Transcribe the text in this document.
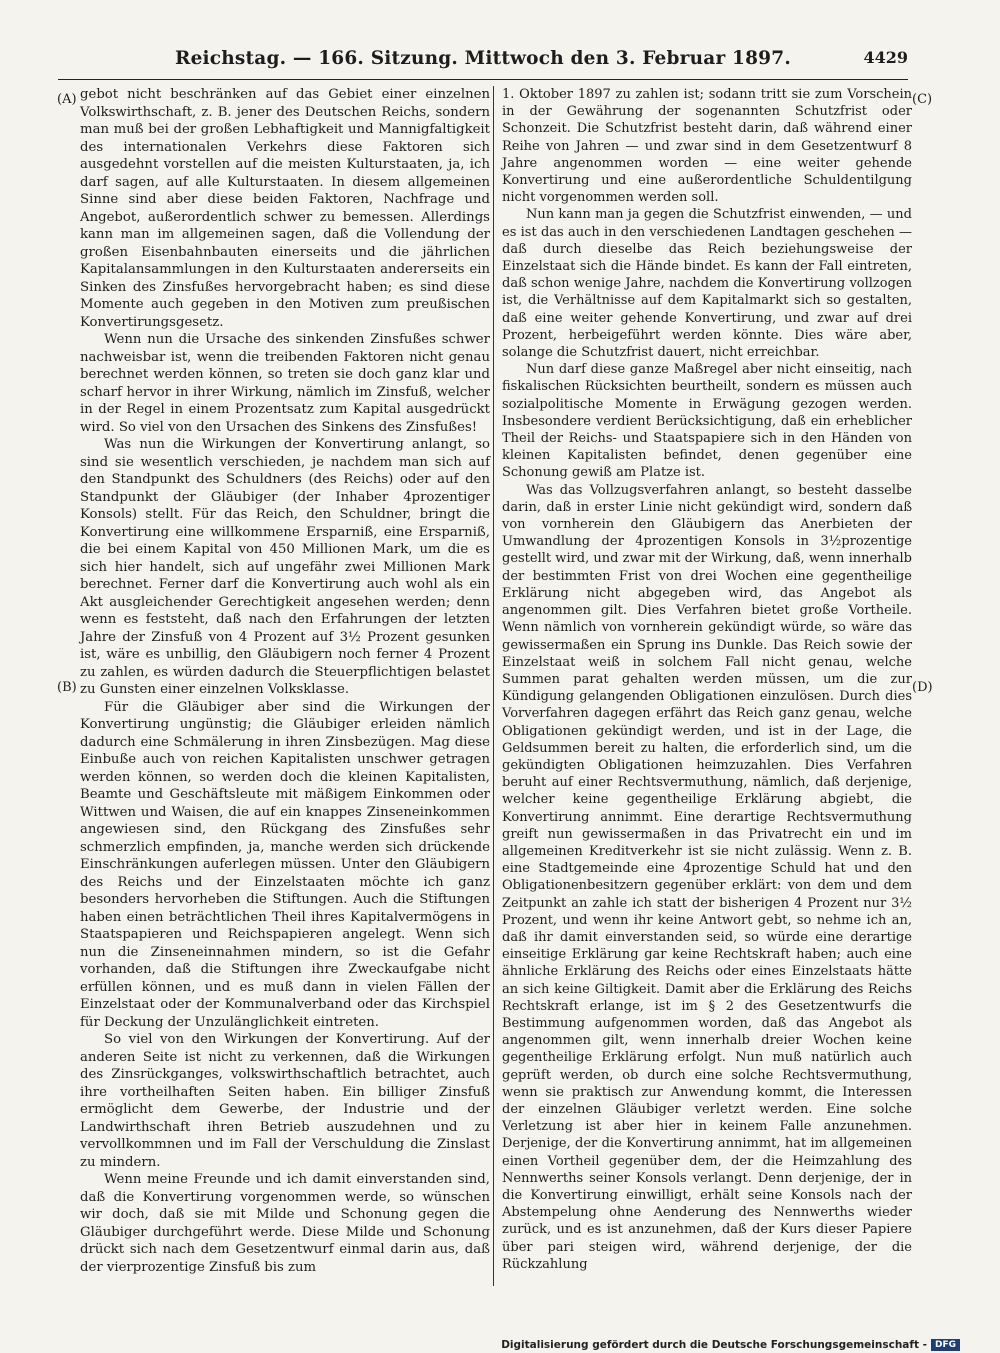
Reichstag. — 166. Sitzung. Mittwoch den 3. Februar 1897.	4429
(A)
(B)
(C)
(D)

gebot nicht beschränken auf das Gebiet einer einzelnen Volkswirthschaft, z. B. jener des Deutschen Reichs, sondern man muß bei der großen Lebhaftigkeit und Mannigfaltigkeit des internationalen Verkehrs diese Faktoren sich ausgedehnt vorstellen auf die meisten Kulturstaaten, ja, ich darf sagen, auf alle Kulturstaaten. In diesem allgemeinen Sinne sind aber diese beiden Faktoren, Nachfrage und Angebot, außerordentlich schwer zu bemessen. Allerdings kann man im allgemeinen sagen, daß die Vollendung der großen Eisenbahnbauten einerseits und die jährlichen Kapitalansammlungen in den Kulturstaaten andererseits ein Sinken des Zinsfußes hervorgebracht haben; es sind diese Momente auch gegeben in den Motiven zum preußischen Konvertirungsgesetz.

Wenn nun die Ursache des sinkenden Zinsfußes schwer nachweisbar ist, wenn die treibenden Faktoren nicht genau berechnet werden können, so treten sie doch ganz klar und scharf hervor in ihrer Wirkung, nämlich im Zinsfuß, welcher in der Regel in einem Prozentsatz zum Kapital ausgedrückt wird. So viel von den Ursachen des Sinkens des Zinsfußes!

Was nun die Wirkungen der Konvertirung anlangt, so sind sie wesentlich verschieden, je nachdem man sich auf den Standpunkt des Schuldners (des Reichs) oder auf den Standpunkt der Gläubiger (der Inhaber 4prozentiger Konsols) stellt. Für das Reich, den Schuldner, bringt die Konvertirung eine willkommene Ersparniß, eine Ersparniß, die bei einem Kapital von 450 Millionen Mark, um die es sich hier handelt, sich auf ungefähr zwei Millionen Mark berechnet. Ferner darf die Konvertirung auch wohl als ein Akt ausgleichender Gerechtigkeit angesehen werden; denn wenn es feststeht, daß nach den Erfahrungen der letzten Jahre der Zinsfuß von 4 Prozent auf 3½ Prozent gesunken ist, wäre es unbillig, den Gläubigern noch ferner 4 Prozent zu zahlen, es würden dadurch die Steuerpflichtigen belastet zu Gunsten einer einzelnen Volksklasse.

Für die Gläubiger aber sind die Wirkungen der Konvertirung ungünstig; die Gläubiger erleiden nämlich dadurch eine Schmälerung in ihren Zinsbezügen. Mag diese Einbuße auch von reichen Kapitalisten unschwer getragen werden können, so werden doch die kleinen Kapitalisten, Beamte und Geschäftsleute mit mäßigem Einkommen oder Wittwen und Waisen, die auf ein knappes Zinseneinkommen angewiesen sind, den Rückgang des Zinsfußes sehr schmerzlich empfinden, ja, manche werden sich drückende Einschränkungen auferlegen müssen. Unter den Gläubigern des Reichs und der Einzelstaaten möchte ich ganz besonders hervorheben die Stiftungen. Auch die Stiftungen haben einen beträchtlichen Theil ihres Kapitalvermögens in Staatspapieren und Reichspapieren angelegt. Wenn sich nun die Zinseneinnahmen mindern, so ist die Gefahr vorhanden, daß die Stiftungen ihre Zweckaufgabe nicht erfüllen können, und es muß dann in vielen Fällen der Einzelstaat oder der Kommunalverband oder das Kirchspiel für Deckung der Unzulänglichkeit eintreten.

So viel von den Wirkungen der Konvertirung. Auf der anderen Seite ist nicht zu verkennen, daß die Wirkungen des Zinsrückganges, volkswirthschaftlich betrachtet, auch ihre vortheilhaften Seiten haben. Ein billiger Zinsfuß ermöglicht dem Gewerbe, der Industrie und der Landwirthschaft ihren Betrieb auszudehnen und zu vervollkommnen und im Fall der Verschuldung die Zinslast zu mindern.

Wenn meine Freunde und ich damit einverstanden sind, daß die Konvertirung vorgenommen werde, so wünschen wir doch, daß sie mit Milde und Schonung gegen die Gläubiger durchgeführt werde. Diese Milde und Schonung drückt sich nach dem Gesetzentwurf einmal darin aus, daß der vierprozentige Zinsfuß bis zum

1. Oktober 1897 zu zahlen ist; sodann tritt sie zum Vorschein in der Gewährung der sogenannten Schutzfrist oder Schonzeit. Die Schutzfrist besteht darin, daß während einer Reihe von Jahren — und zwar sind in dem Gesetzentwurf 8 Jahre angenommen worden — eine weiter gehende Konvertirung und eine außerordentliche Schuldentilgung nicht vorgenommen werden soll.

Nun kann man ja gegen die Schutzfrist einwenden, — und es ist das auch in den verschiedenen Landtagen geschehen — daß durch dieselbe das Reich beziehungsweise der Einzelstaat sich die Hände bindet. Es kann der Fall eintreten, daß schon wenige Jahre, nachdem die Konvertirung vollzogen ist, die Verhältnisse auf dem Kapitalmarkt sich so gestalten, daß eine weiter gehende Konvertirung, und zwar auf drei Prozent, herbeigeführt werden könnte. Dies wäre aber, solange die Schutzfrist dauert, nicht erreichbar.

Nun darf diese ganze Maßregel aber nicht einseitig, nach fiskalischen Rücksichten beurtheilt, sondern es müssen auch sozialpolitische Momente in Erwägung gezogen werden. Insbesondere verdient Berücksichtigung, daß ein erheblicher Theil der Reichs- und Staatspapiere sich in den Händen von kleinen Kapitalisten befindet, denen gegenüber eine Schonung gewiß am Platze ist.

Was das Vollzugsverfahren anlangt, so besteht dasselbe darin, daß in erster Linie nicht gekündigt wird, sondern daß von vornherein den Gläubigern das Anerbieten der Umwandlung der 4prozentigen Konsols in 3½prozentige gestellt wird, und zwar mit der Wirkung, daß, wenn innerhalb der bestimmten Frist von drei Wochen eine gegentheilige Erklärung nicht abgegeben wird, das Angebot als angenommen gilt. Dies Verfahren bietet große Vortheile. Wenn nämlich von vornherein gekündigt würde, so wäre das gewissermaßen ein Sprung ins Dunkle. Das Reich sowie der Einzelstaat weiß in solchem Fall nicht genau, welche Summen parat gehalten werden müssen, um die zur Kündigung gelangenden Obligationen einzulösen. Durch dies Vorverfahren dagegen erfährt das Reich ganz genau, welche Obligationen gekündigt werden, und ist in der Lage, die Geldsummen bereit zu halten, die erforderlich sind, um die gekündigten Obligationen heimzuzahlen. Dies Verfahren beruht auf einer Rechtsvermuthung, nämlich, daß derjenige, welcher keine gegentheilige Erklärung abgiebt, die Konvertirung annimmt. Eine derartige Rechtsvermuthung greift nun gewissermaßen in das Privatrecht ein und im allgemeinen Kreditverkehr ist sie nicht zulässig. Wenn z. B. eine Stadtgemeinde eine 4prozentige Schuld hat und den Obligationenbesitzern gegenüber erklärt: von dem und dem Zeitpunkt an zahle ich statt der bisherigen 4 Prozent nur 3½ Prozent, und wenn ihr keine Antwort gebt, so nehme ich an, daß ihr damit einverstanden seid, so würde eine derartige einseitige Erklärung gar keine Rechtskraft haben; auch eine ähnliche Erklärung des Reichs oder eines Einzelstaats hätte an sich keine Giltigkeit. Damit aber die Erklärung des Reichs Rechtskraft erlange, ist im § 2 des Gesetzentwurfs die Bestimmung aufgenommen worden, daß das Angebot als angenommen gilt, wenn innerhalb dreier Wochen keine gegentheilige Erklärung erfolgt. Nun muß natürlich auch geprüft werden, ob durch eine solche Rechtsvermuthung, wenn sie praktisch zur Anwendung kommt, die Interessen der einzelnen Gläubiger verletzt werden. Eine solche Verletzung ist aber hier in keinem Falle anzunehmen. Derjenige, der die Konvertirung annimmt, hat im allgemeinen einen Vortheil gegenüber dem, der die Heimzahlung des Nennwerths seiner Konsols verlangt. Denn derjenige, der in die Konvertirung einwilligt, erhält seine Konsols nach der Abstempelung ohne Aenderung des Nennwerths wieder zurück, und es ist anzunehmen, daß der Kurs dieser Papiere über pari steigen wird, während derjenige, der die Rückzahlung

Digitalisierung gefördert durch die Deutsche Forschungsgemeinschaft - DFG
